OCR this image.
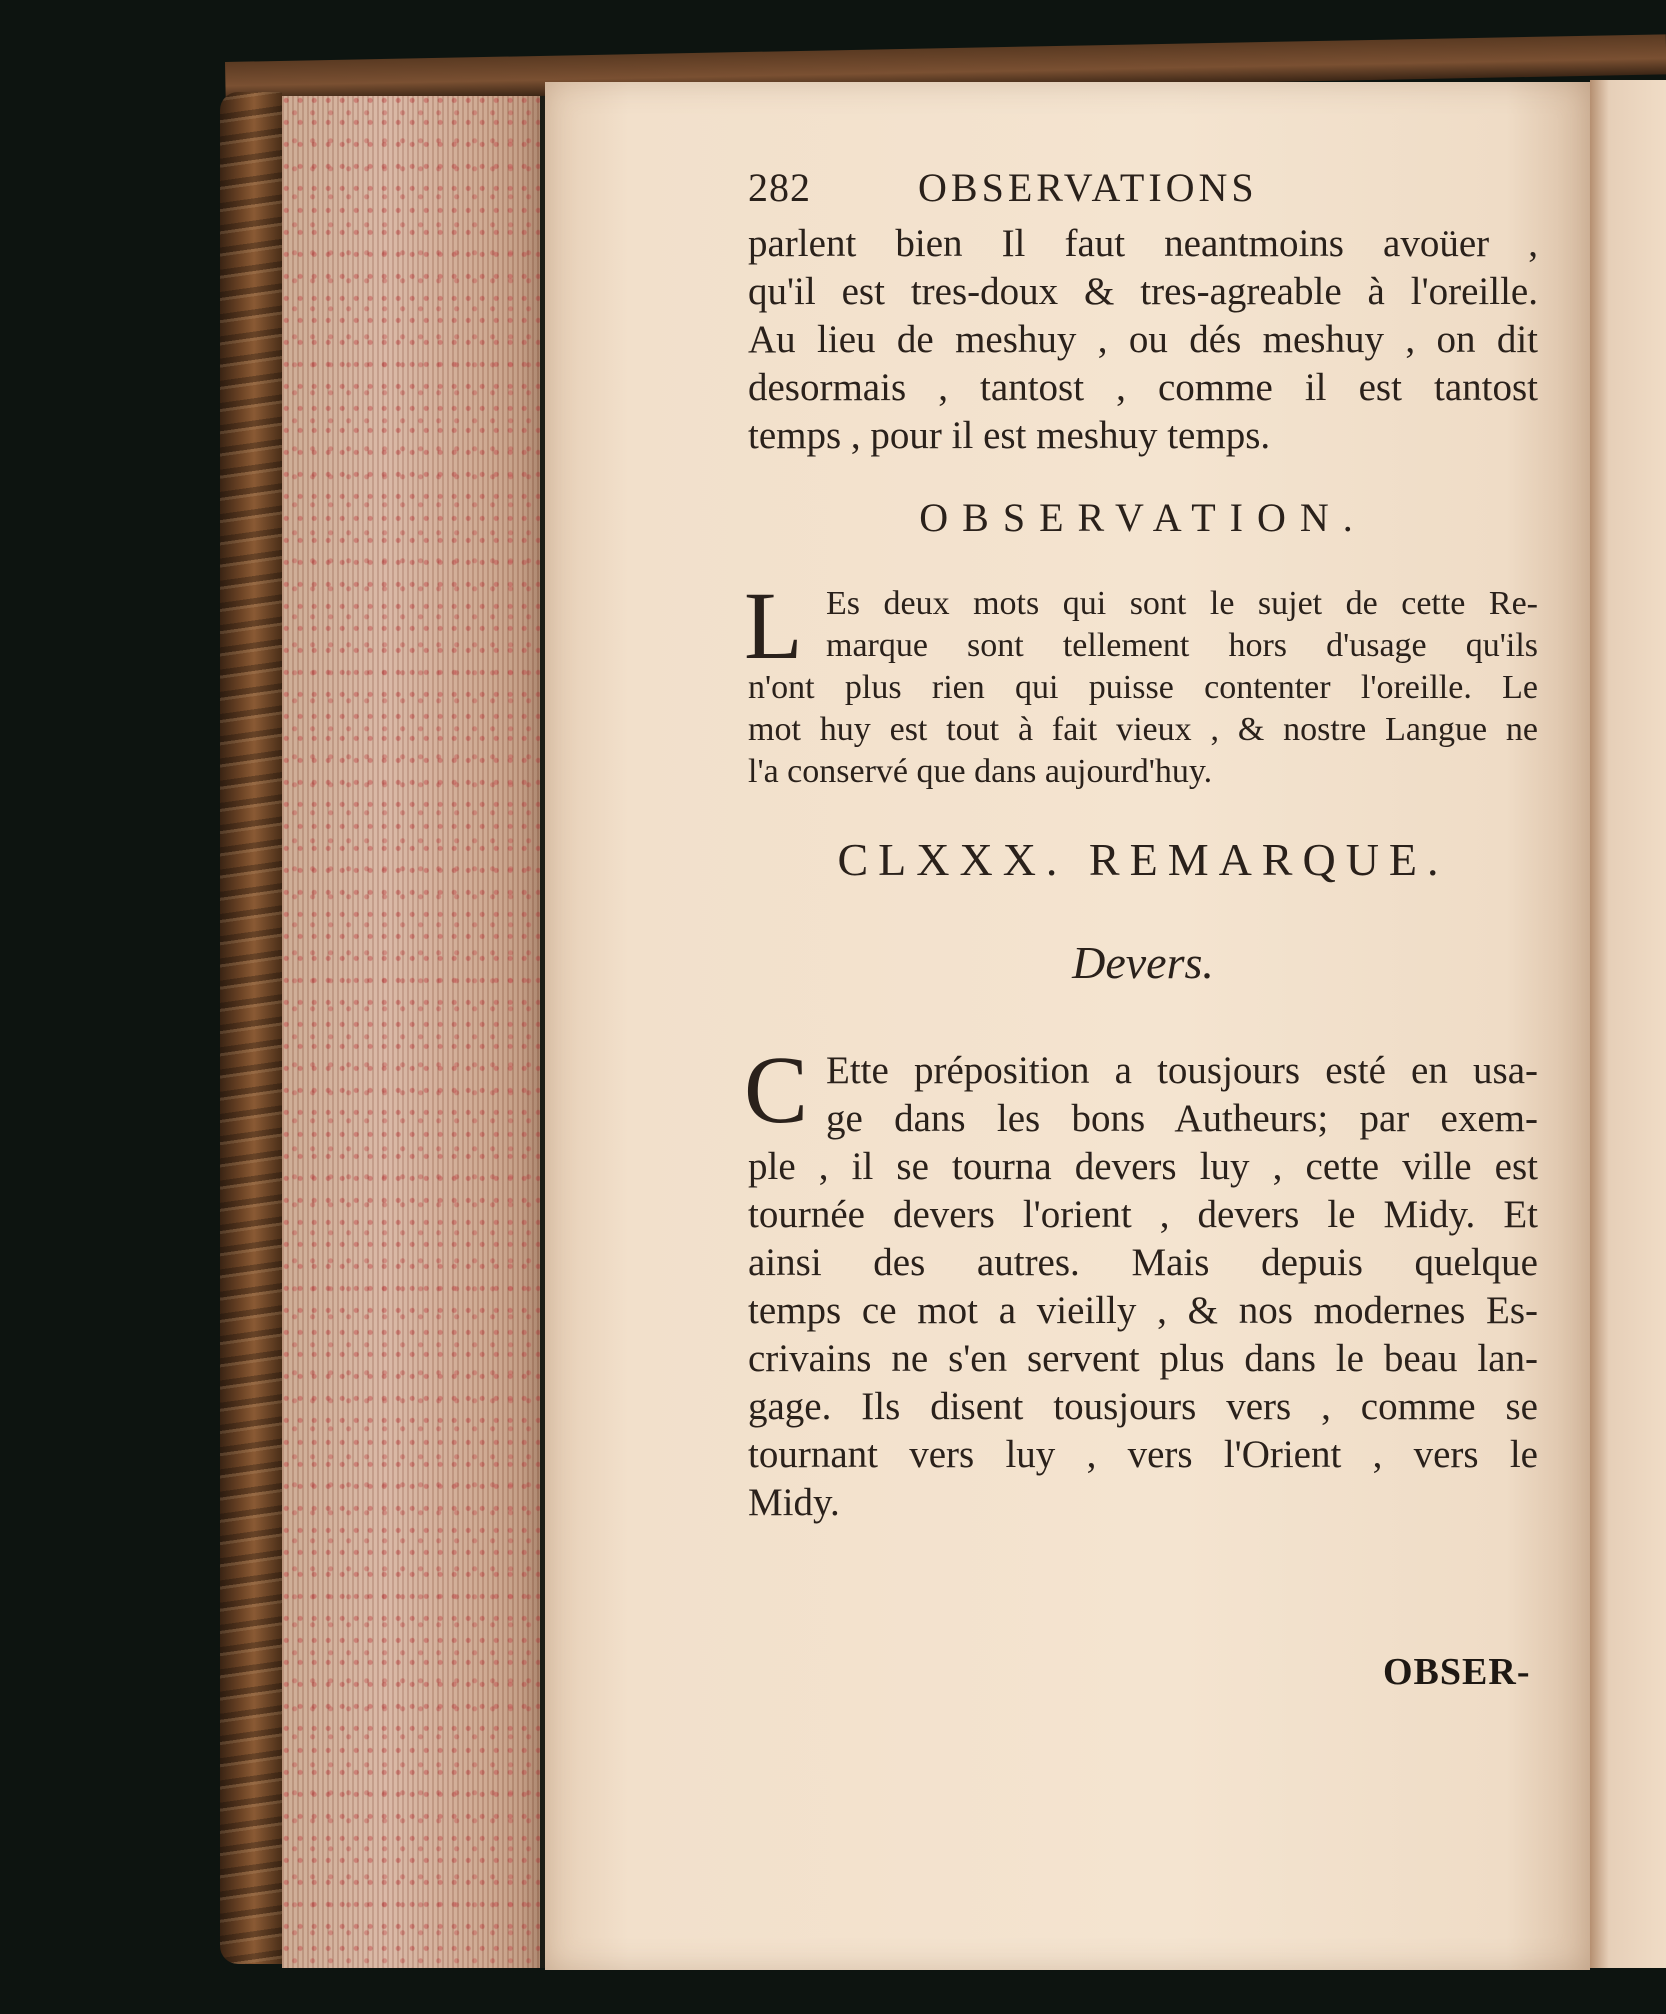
282	OBSERVATIONS
parlent bien Il faut neantmoins avoüer ,
qu'il est tres-doux & tres-agreable à l'oreille.
Au lieu de meshuy , ou dés meshuy , on dit
desormais , tantost , comme il est tantost
temps , pour il est meshuy temps.
OBSERVATION.
L Es deux mots qui sont le sujet de cette Re-
marque sont tellement hors d'usage qu'ils
n'ont plus rien qui puisse contenter l'oreille. Le
mot huy est tout à fait vieux , & nostre Langue ne
l'a conservé que dans aujourd'huy.
CLXXX. REMARQUE.
Devers.
C Ette préposition a tousjours esté en usa-
ge dans les bons Autheurs; par exem-
ple , il se tourna devers luy , cette ville est
tournée devers l'orient , devers le Midy. Et
ainsi des autres. Mais depuis quelque
temps ce mot a vieilly , & nos modernes Es-
crivains ne s'en servent plus dans le beau lan-
gage. Ils disent tousjours vers , comme se
tournant vers luy , vers l'Orient , vers le
Midy.
OBSER-
